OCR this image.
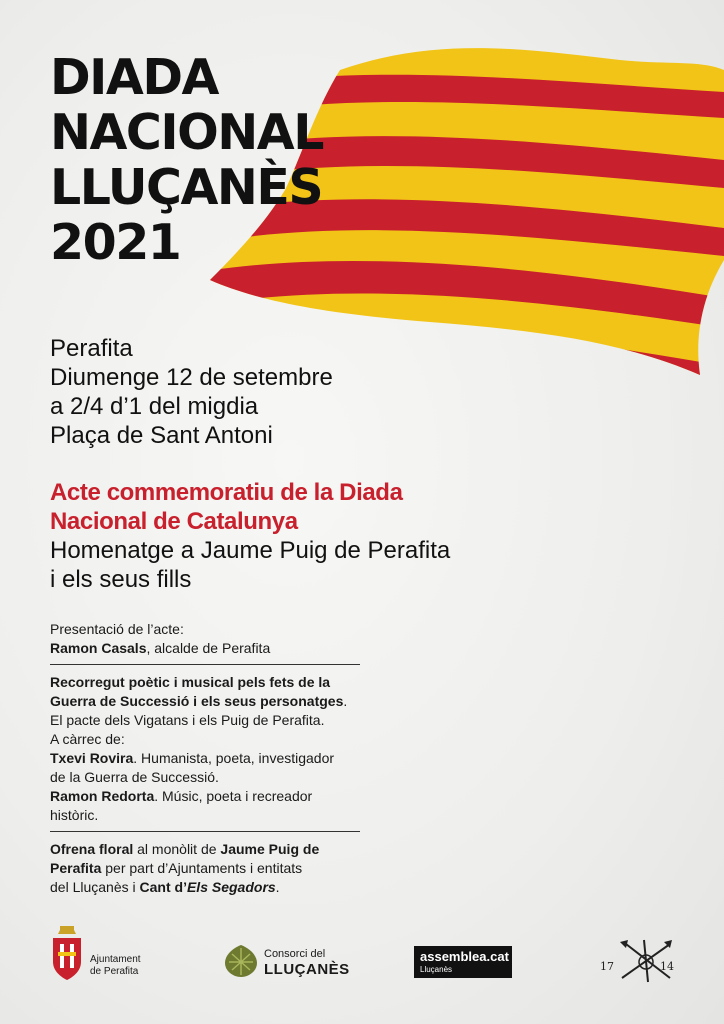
DIADA
NACIONAL
LLUÇANÈS
2021
Perafita
Diumenge 12 de setembre
a 2/4 d’1 del migdia
Plaça de Sant Antoni
Acte commemoratiu de la Diada
Nacional de Catalunya
Homenatge a Jaume Puig de Perafita
i els seus fills

Presentació de l’acte:

Ramon Casals, alcalde de Perafita

Recorregut poètic i musical pels fets de la

Guerra de Successió i els seus personatges.

El pacte dels Vigatans i els Puig de Perafita.

A càrrec de:

Txevi Rovira. Humanista, poeta, investigador

de la Guerra de Successió.

Ramon Redorta. Músic, poeta i recreador

històric.

Ofrena floral al monòlit de Jaume Puig de

Perafita per part d’Ajuntaments i entitats

del Lluçanès i Cant d’Els Segadors.

Ajuntament
de Perafita
Consorci del
LLUÇANÈS
assemblea.cat
Lluçanès	17	14
